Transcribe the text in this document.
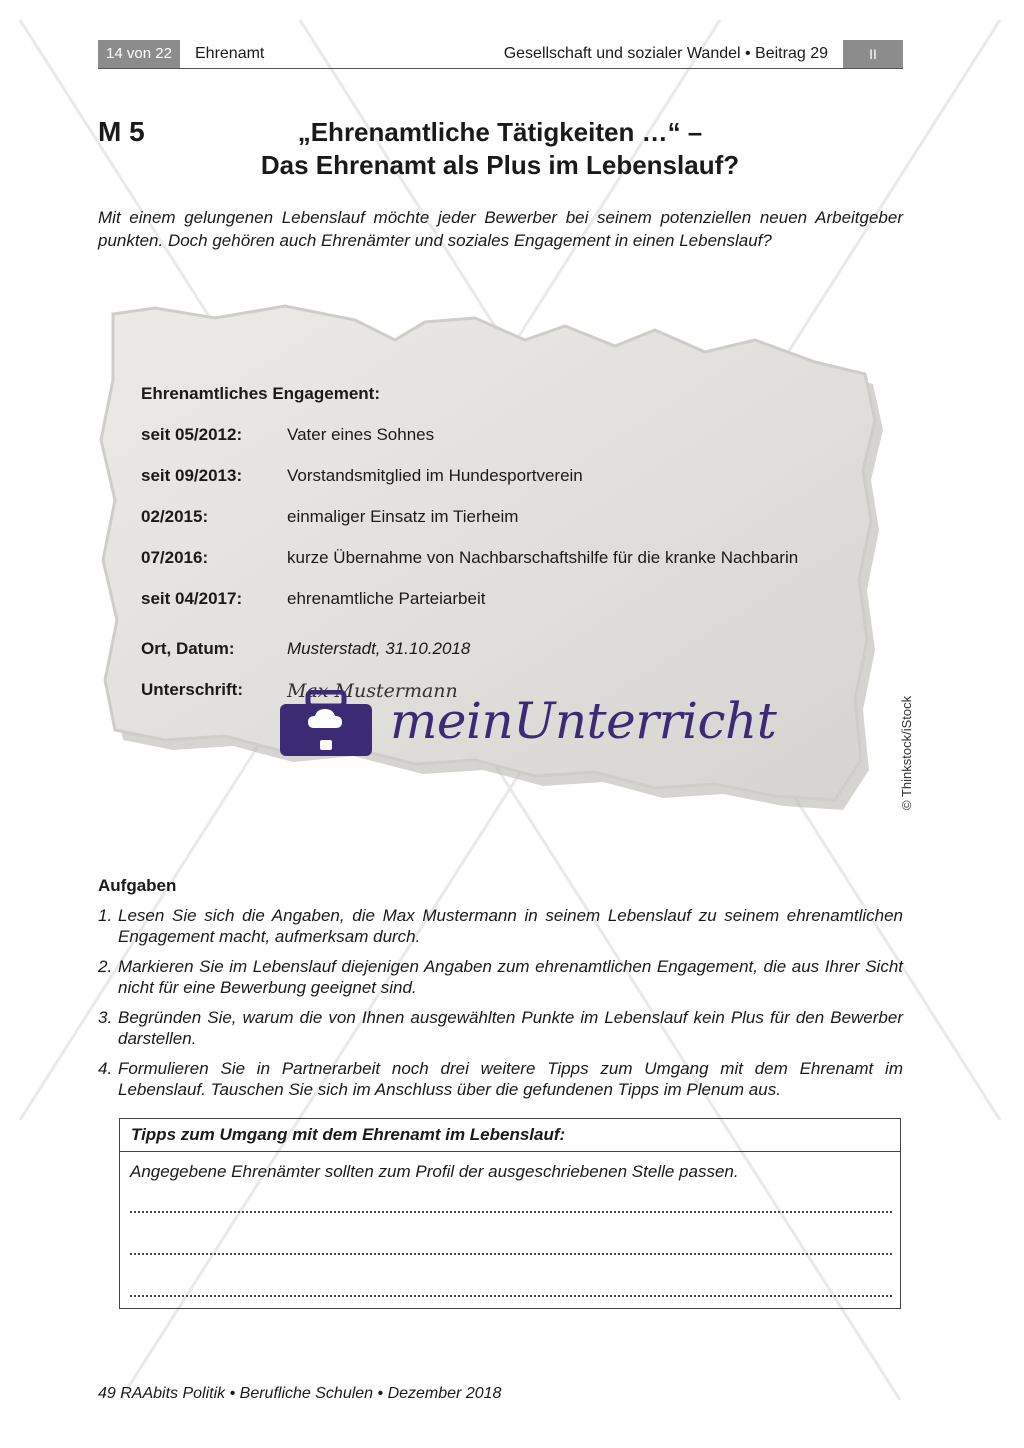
14 von 22	Ehrenamt	Gesellschaft und sozialer Wandel • Beitrag 29	II
M 5	„Ehrenamtliche Tätigkeiten …“ –
Das Ehrenamt als Plus im Lebenslauf?
Mit einem gelungenen Lebenslauf möchte jeder Bewerber bei seinem potenziellen neuen Arbeitgeber punkten. Doch gehören auch Ehrenämter und soziales Engagement in einen Lebenslauf?
Ehrenamtliches Engagement:
seit 05/2012:	Vater eines Sohnes
seit 09/2013:	Vorstandsmitglied im Hundesportverein
02/2015:	einmaliger Einsatz im Tierheim
07/2016:	kurze Übernahme von Nachbarschaftshilfe für die kranke Nachbarin
seit 04/2017:	ehrenamtliche Parteiarbeit
Ort, Datum:	Musterstadt, 31.10.2018
Unterschrift:	Max Mustermann
meinUnterricht	© Thinkstock/iStock
Aufgaben
1. Lesen Sie sich die Angaben, die Max Mustermann in seinem Lebenslauf zu seinem ehrenamtlichen Engagement macht, aufmerksam durch.
2. Markieren Sie im Lebenslauf diejenigen Angaben zum ehrenamtlichen Engagement, die aus Ihrer Sicht nicht für eine Bewerbung geeignet sind.
3. Begründen Sie, warum die von Ihnen ausgewählten Punkte im Lebenslauf kein Plus für den Bewerber darstellen.
4. Formulieren Sie in Partnerarbeit noch drei weitere Tipps zum Umgang mit dem Ehrenamt im Lebenslauf. Tauschen Sie sich im Anschluss über die gefundenen Tipps im Plenum aus.
Tipps zum Umgang mit dem Ehrenamt im Lebenslauf:
Angegebene Ehrenämter sollten zum Profil der ausgeschriebenen Stelle passen.
49 RAAbits Politik • Berufliche Schulen • Dezember 2018
